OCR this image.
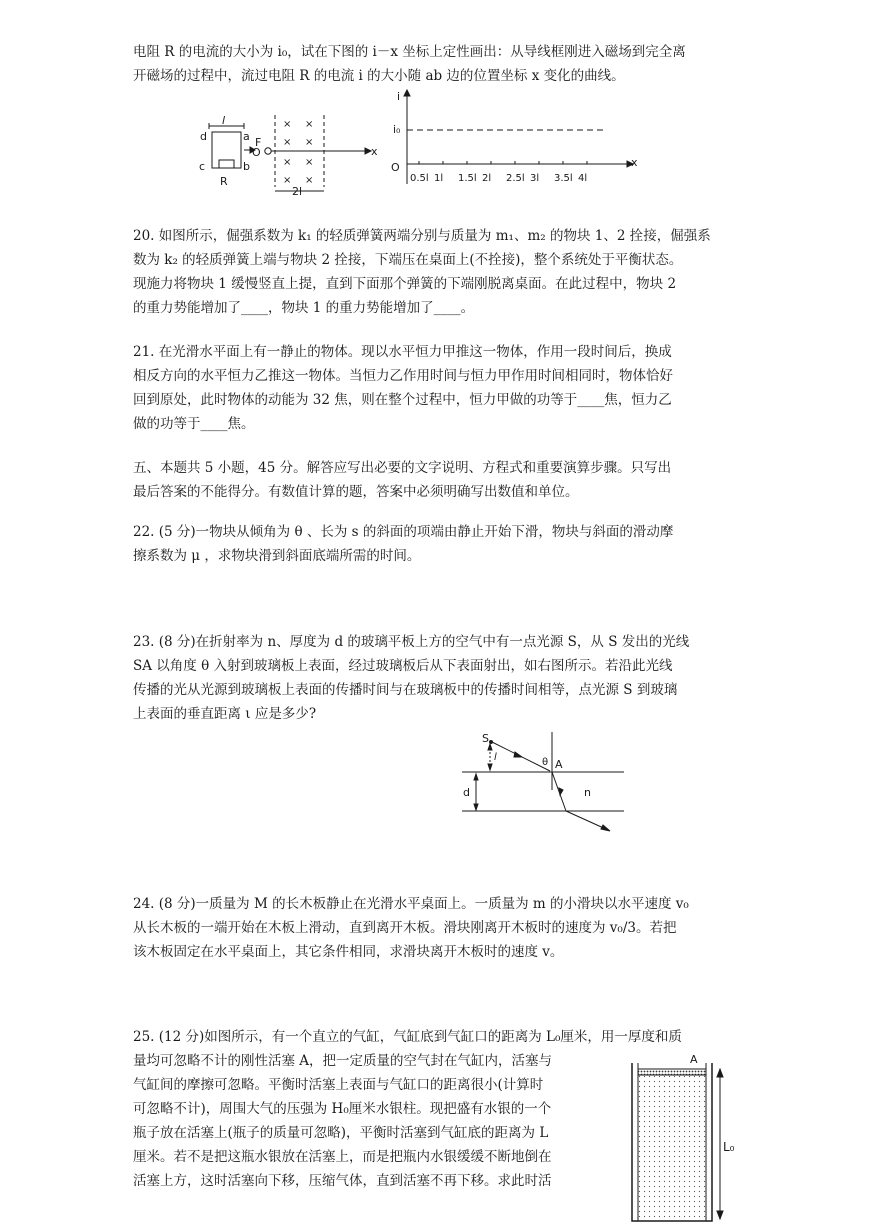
电阻 R 的电流的大小为 i₀，试在下图的 i－x 坐标上定性画出：从导线框刚进入磁场到完全离

开磁场的过程中，流过电阻 R 的电流 i 的大小随 ab 边的位置坐标 x 变化的曲线。

d
l
a F
O	x
c	b
R
2l
× ×
× ×
× ×
× ×
i
i₀
O	x
0.5l 1l 1.5l 2l 2.5l 3l 3.5l 4l

20. 如图所示，倔强系数为 k₁ 的轻质弹簧两端分别与质量为 m₁、m₂ 的物块 1、2 拴接，倔强系

数为 k₂ 的轻质弹簧上端与物块 2 拴接，下端压在桌面上(不拴接)，整个系统处于平衡状态。

现施力将物块 1 缓慢竖直上提，直到下面那个弹簧的下端刚脱离桌面。在此过程中，物块 2

的重力势能增加了____，物块 1 的重力势能增加了____。

21. 在光滑水平面上有一静止的物体。现以水平恒力甲推这一物体，作用一段时间后，换成

相反方向的水平恒力乙推这一物体。当恒力乙作用时间与恒力甲作用时间相同时，物体恰好

回到原处，此时物体的动能为 32 焦，则在整个过程中，恒力甲做的功等于____焦，恒力乙

做的功等于____焦。

五、本题共 5 小题，45 分。解答应写出必要的文字说明、方程式和重要演算步骤。只写出

最后答案的不能得分。有数值计算的题，答案中必须明确写出数值和单位。

22. (5 分)一物块从倾角为 θ 、长为 s 的斜面的项端由静止开始下滑，物块与斜面的滑动摩

擦系数为 μ ，求物块滑到斜面底端所需的时间。

23. (8 分)在折射率为 n、厚度为 d 的玻璃平板上方的空气中有一点光源 S，从 S 发出的光线

SA 以角度 θ 入射到玻璃板上表面，经过玻璃板后从下表面射出，如右图所示。若沿此光线

传播的光从光源到玻璃板上表面的传播时间与在玻璃板中的传播时间相等，点光源 S 到玻璃

上表面的垂直距离 ι 应是多少?

S
θ A
l
d	n

24. (8 分)一质量为 M 的长木板静止在光滑水平桌面上。一质量为 m 的小滑块以水平速度 v₀

从长木板的一端开始在木板上滑动，直到离开木板。滑块刚离开木板时的速度为 v₀/3。若把

该木板固定在水平桌面上，其它条件相同，求滑块离开木板时的速度 v。

25. (12 分)如图所示，有一个直立的气缸，气缸底到气缸口的距离为 L₀厘米，用一厚度和质

量均可忽略不计的刚性活塞 A，把一定质量的空气封在气缸内，活塞与

气缸间的摩擦可忽略。平衡时活塞上表面与气缸口的距离很小(计算时

可忽略不计)，周围大气的压强为 H₀厘米水银柱。现把盛有水银的一个

瓶子放在活塞上(瓶子的质量可忽略)，平衡时活塞到气缸底的距离为 L

厘米。若不是把这瓶水银放在活塞上，而是把瓶内水银缓缓不断地倒在

活塞上方，这时活塞向下移，压缩气体，直到活塞不再下移。求此时活

A
L₀
